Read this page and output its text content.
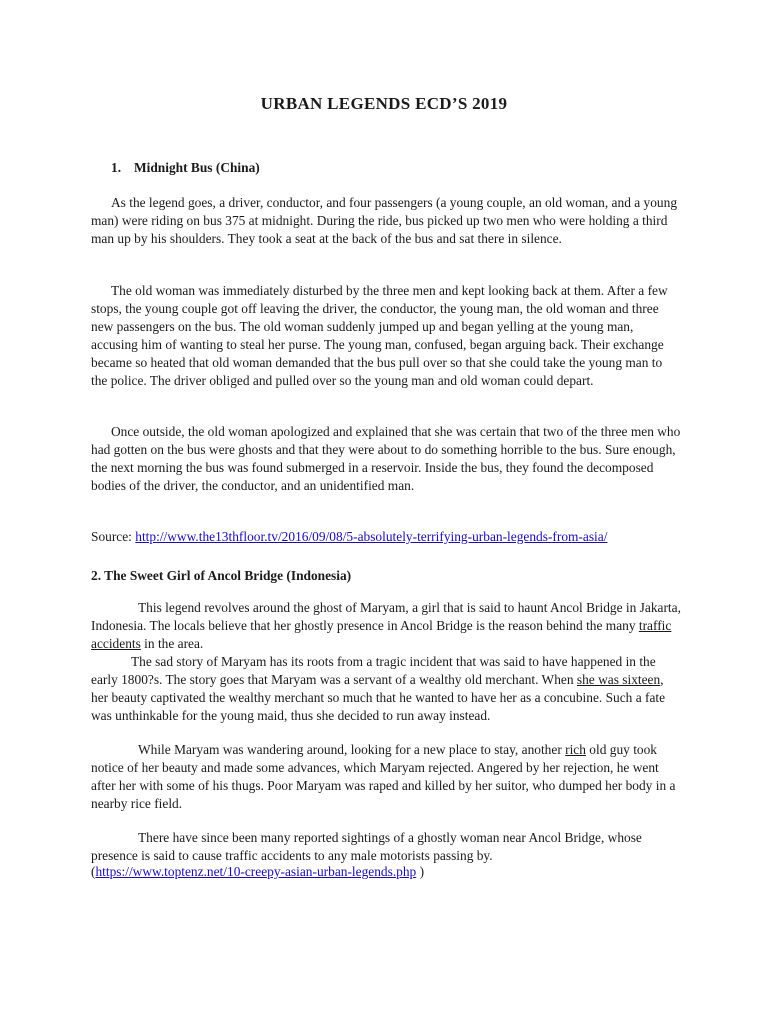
URBAN LEGENDS ECD’S 2019

1. Midnight Bus (China)

As the legend goes, a driver, conductor, and four passengers (a young couple, an old woman, and a young man) were riding on bus 375 at midnight. During the ride, bus picked up two men who were holding a third man up by his shoulders. They took a seat at the back of the bus and sat there in silence.

The old woman was immediately disturbed by the three men and kept looking back at them. After a few stops, the young couple got off leaving the driver, the conductor, the young man, the old woman and three new passengers on the bus. The old woman suddenly jumped up and began yelling at the young man, accusing him of wanting to steal her purse. The young man, confused, began arguing back. Their exchange became so heated that old woman demanded that the bus pull over so that she could take the young man to the police. The driver obliged and pulled over so the young man and old woman could depart.

Once outside, the old woman apologized and explained that she was certain that two of the three men who had gotten on the bus were ghosts and that they were about to do something horrible to the bus. Sure enough, the next morning the bus was found submerged in a reservoir. Inside the bus, they found the decomposed bodies of the driver, the conductor, and an unidentified man.

Source: http://www.the13thfloor.tv/2016/09/08/5-absolutely-terrifying-urban-legends-from-asia/

2. The Sweet Girl of Ancol Bridge (Indonesia)

This legend revolves around the ghost of Maryam, a girl that is said to haunt Ancol Bridge in Jakarta, Indonesia. The locals believe that her ghostly presence in Ancol Bridge is the reason behind the many traffic accidents in the area.

The sad story of Maryam has its roots from a tragic incident that was said to have happened in the early 1800?s. The story goes that Maryam was a servant of a wealthy old merchant. When she was sixteen, her beauty captivated the wealthy merchant so much that he wanted to have her as a concubine. Such a fate was unthinkable for the young maid, thus she decided to run away instead.

While Maryam was wandering around, looking for a new place to stay, another rich old guy took notice of her beauty and made some advances, which Maryam rejected. Angered by her rejection, he went after her with some of his thugs. Poor Maryam was raped and killed by her suitor, who dumped her body in a nearby rice field.

There have since been many reported sightings of a ghostly woman near Ancol Bridge, whose presence is said to cause traffic accidents to any male motorists passing by.

(https://www.toptenz.net/10-creepy-asian-urban-legends.php )
